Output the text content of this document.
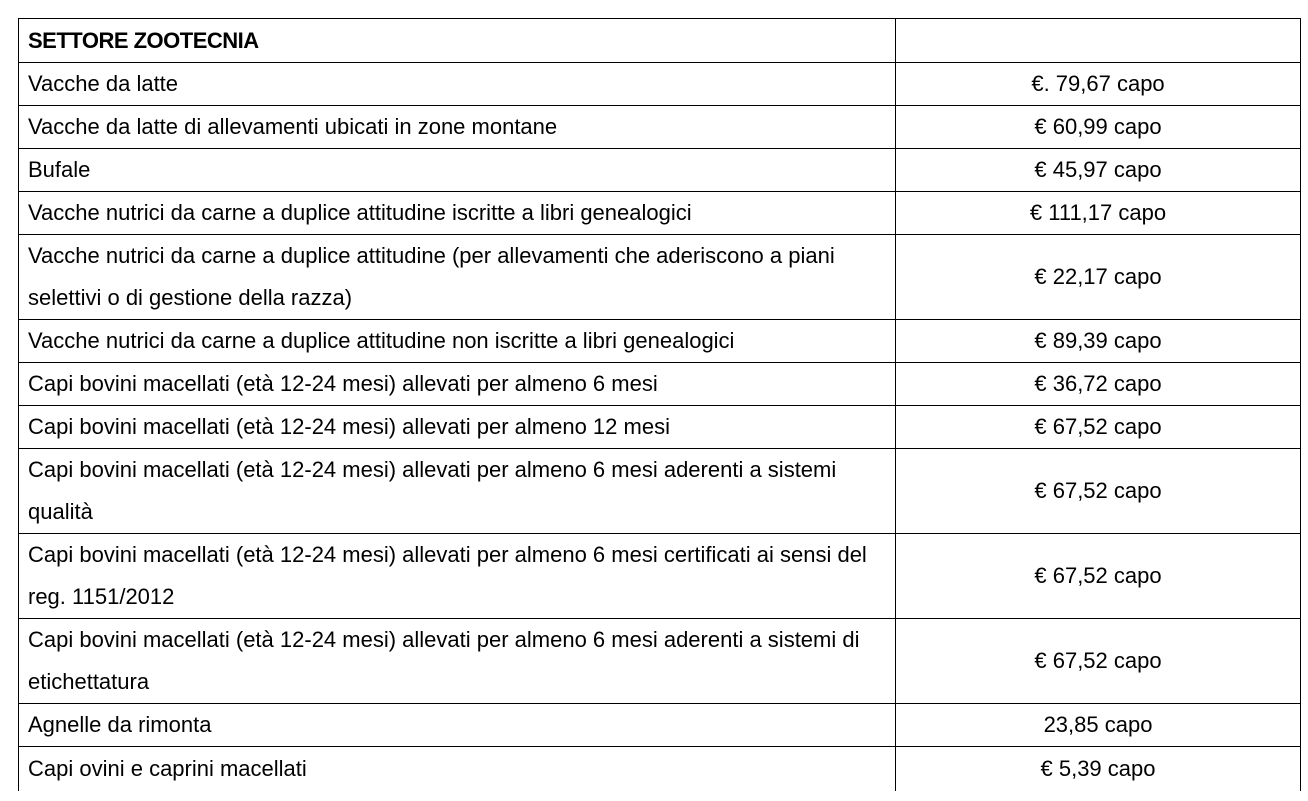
SETTORE ZOOTECNIA	
Vacche da latte	€. 79,67 capo
Vacche da latte di allevamenti ubicati in zone montane	€ 60,99 capo
Bufale	€ 45,97 capo
Vacche nutrici da carne a duplice attitudine iscritte a libri genealogici	€ 111,17 capo
Vacche nutrici da carne a duplice attitudine (per allevamenti che aderiscono a piani selettivi o di gestione della razza)	€ 22,17 capo
Vacche nutrici da carne a duplice attitudine non iscritte a libri genealogici	€ 89,39 capo
Capi bovini macellati (età 12-24 mesi) allevati per almeno 6 mesi	€ 36,72 capo
Capi bovini macellati (età 12-24 mesi) allevati per almeno 12 mesi	€ 67,52 capo
Capi bovini macellati (età 12-24 mesi) allevati per almeno 6 mesi aderenti a sistemi qualità	€ 67,52 capo
Capi bovini macellati (età 12-24 mesi) allevati per almeno 6 mesi certificati ai sensi del reg. 1151/2012	€ 67,52 capo
Capi bovini macellati (età 12-24 mesi) allevati per almeno 6 mesi aderenti a sistemi di etichettatura	€ 67,52 capo
Agnelle da rimonta	23,85 capo
Capi ovini e caprini macellati	€ 5,39 capo
